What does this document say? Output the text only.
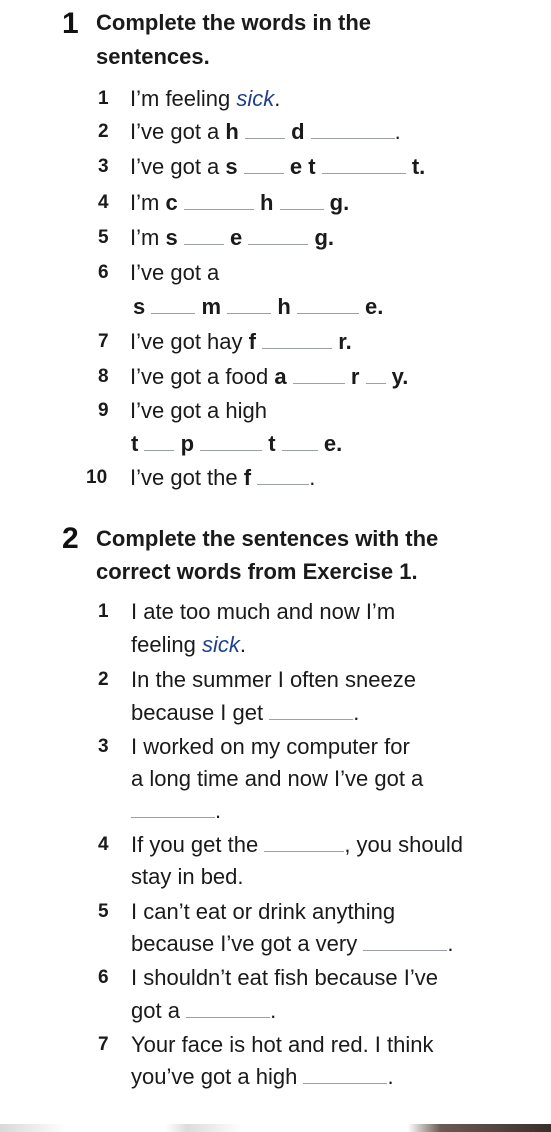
1 Complete the words in the
sentences.
1 I’m feeling sick.
2 I’ve got a h d	.
3 I’ve got a s e t	t.
4 I’m c	h	g.
5 I’m s e	g.
6 I’ve got a
s	m	h	e.
7 I’ve got hay f	r.
8 I’ve got a food a	r y.
9 I’ve got a high
t p	t e.
10 I’ve got the f	.
2 Complete the sentences with the
correct words from Exercise 1.
1 I ate too much and now I’m
feeling sick.
2 In the summer I often sneeze
because I get	.
3 I worked on my computer for
a long time and now I’ve got a
.
4 If you get the	, you should
stay in bed.
5 I can’t eat or drink anything
because I’ve got a very	.
6 I shouldn’t eat fish because I’ve
got a	.
7 Your face is hot and red. I think
you’ve got a high	.
